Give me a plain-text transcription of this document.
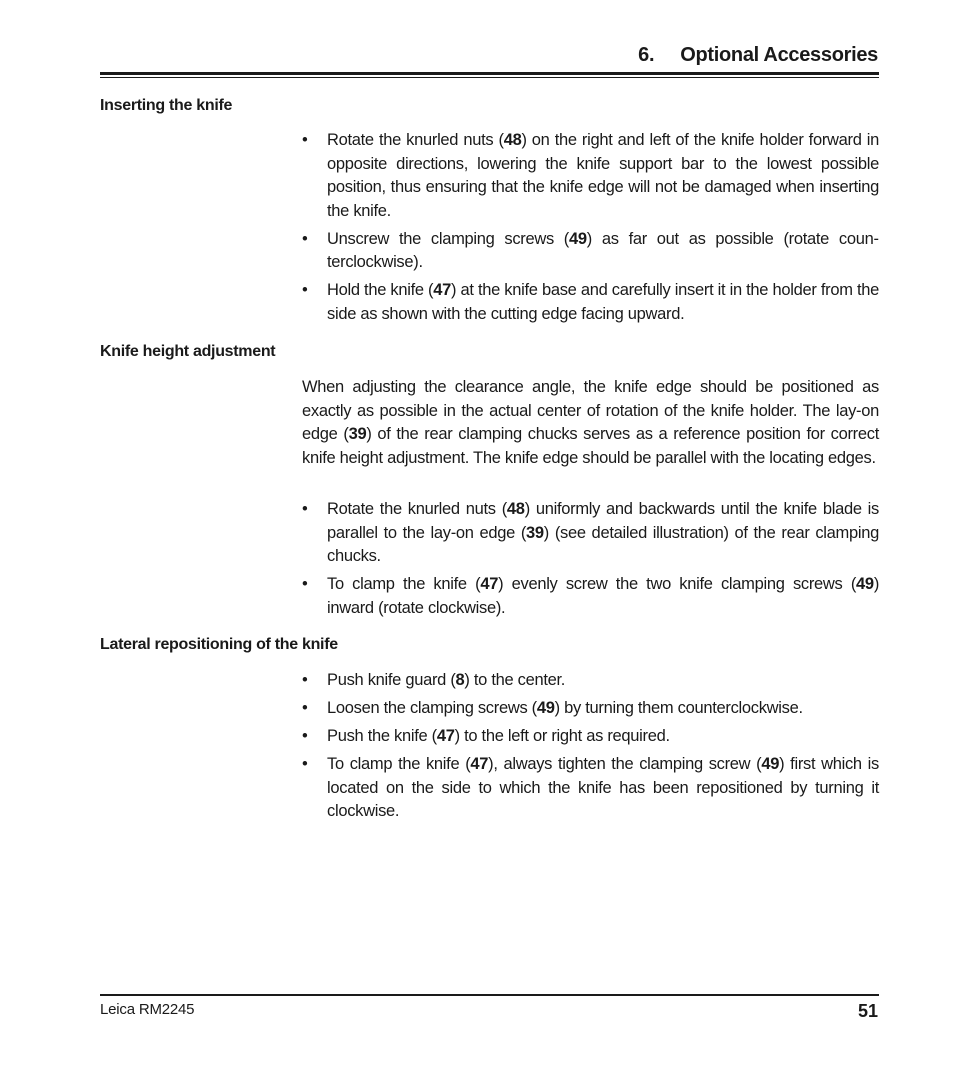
6. Optional Accessories
Inserting the knife
• Rotate the knurled nuts (48) on the right and left of the knife holder forward in opposite directions, lowering the knife support bar to the lowest possible position, thus ensuring that the knife edge will not be damaged when inserting the knife.
• Unscrew the clamping screws (49) as far out as possible (rotate counterclockwise).
• Hold the knife (47) at the knife base and carefully insert it in the holder from the side as shown with the cutting edge facing upward.
Knife height adjustment

When adjusting the clearance angle, the knife edge should be positioned as exactly as possible in the actual center of rotation of the knife holder. The lay-on edge (39) of the rear clamping chucks serves as a reference position for correct knife height adjustment. The knife edge should be parallel with the locating edges.

• Rotate the knurled nuts (48) uniformly and backwards until the knife blade is parallel to the lay-on edge (39) (see detailed illustration) of the rear clamping chucks.
• To clamp the knife (47) evenly screw the two knife clamping screws (49) inward (rotate clockwise).
Lateral repositioning of the knife
• Push knife guard (8) to the center.
• Loosen the clamping screws (49) by turning them counterclockwise.
• Push the knife (47) to the left or right as required.
• To clamp the knife (47), always tighten the clamping screw (49) first which is located on the side to which the knife has been repositioned by turning it clockwise.
Leica RM2245	51
